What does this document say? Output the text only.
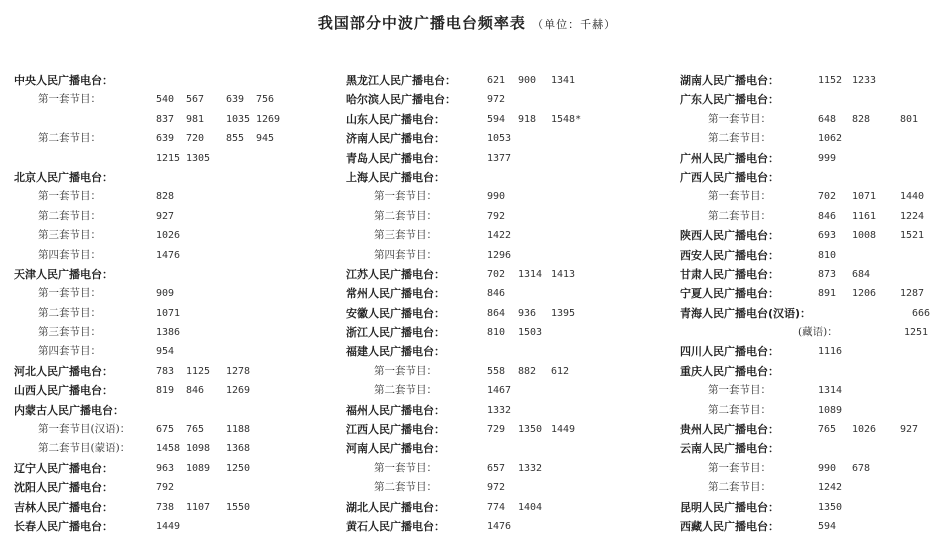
我国部分中波广播电台频率表 （单位：千赫）
中央人民广播电台：
第一套节目：	540 567 639 756
837 981 1035 1269
第二套节目：	639 720 855 945
1215 1305
北京人民广播电台：
第一套节目：	828
第二套节目：	927
第三套节目：	1026
第四套节目：	1476
天津人民广播电台：
第一套节目：	909
第二套节目：	1071
第三套节目：	1386
第四套节目：	954
河北人民广播电台：	783 1125 1278
山西人民广播电台：	819 846 1269
内蒙古人民广播电台：
第一套节目(汉语)：	675 765 1188
第二套节目(蒙语)：	1458 1098 1368
辽宁人民广播电台：	963 1089 1250
沈阳人民广播电台：	792
吉林人民广播电台：	738 1107 1550
长春人民广播电台：	1449
黑龙江人民广播电台：	621 900 1341
哈尔滨人民广播电台：	972
山东人民广播电台：	594 918 1548*
济南人民广播电台：	1053
青岛人民广播电台：	1377
上海人民广播电台：
第一套节目：	990
第二套节目：	792
第三套节目：	1422
第四套节目：	1296
江苏人民广播电台：	702 1314 1413
常州人民广播电台：	846
安徽人民广播电台：	864 936 1395
浙江人民广播电台：	810 1503
福建人民广播电台：
第一套节目：	558 882 612
第二套节目：	1467
福州人民广播电台：	1332
江西人民广播电台：	729 1350 1449
河南人民广播电台：
第一套节目：	657 1332
第二套节目：	972
湖北人民广播电台：	774 1404
黄石人民广播电台：	1476
湖南人民广播电台：	1152 1233
广东人民广播电台：
第一套节目：	648 828	801
第二套节目：	1062
广州人民广播电台：	999
广西人民广播电台：
第一套节目：	702 1071 1440
第二套节目：	846 1161 1224
陕西人民广播电台：	693 1008 1521
西安人民广播电台：	810
甘肃人民广播电台：	873 684
宁夏人民广播电台：	891 1206 1287
青海人民广播电台(汉语)：	666
(藏语)：	1251
四川人民广播电台：	1116
重庆人民广播电台：
第一套节目：	1314
第二套节目：	1089
贵州人民广播电台：	765 1026 927
云南人民广播电台：
第一套节目：	990 678
第二套节目：	1242
昆明人民广播电台：	1350
西藏人民广播电台：	594
